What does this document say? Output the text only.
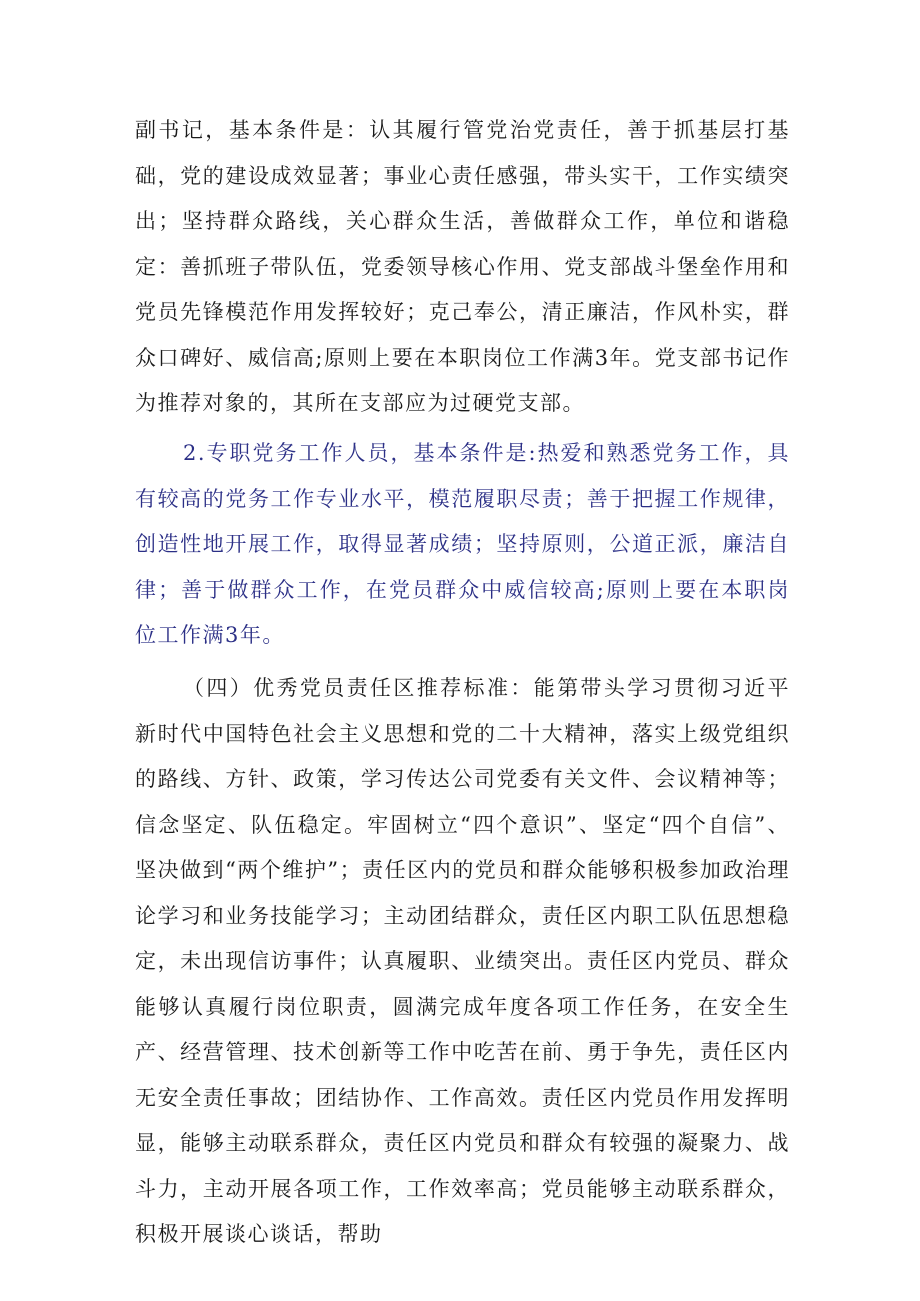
副书记，基本条件是：认其履行管党治党责任，善于抓基层打基础，党的建设成效显著；事业心责任感强，带头实干，工作实绩突出；坚持群众路线，关心群众生活，善做群众工作，单位和谐稳定：善抓班子带队伍，党委领导核心作用、党支部战斗堡垒作用和党员先锋模范作用发挥较好；克己奉公，清正廉洁，作风朴实，群众口碑好、威信高;原则上要在本职岗位工作满3年。党支部书记作为推荐对象的，其所在支部应为过硬党支部。

2.专职党务工作人员，基本条件是:热爱和熟悉党务工作，具有较高的党务工作专业水平，模范履职尽责；善于把握工作规律，创造性地开展工作，取得显著成绩；坚持原则，公道正派，廉洁自律；善于做群众工作，在党员群众中威信较高;原则上要在本职岗位工作满3年。

（四）优秀党员责任区推荐标准：能第带头学习贯彻习近平新时代中国特色社会主义思想和党的二十大精神，落实上级党组织的路线、方针、政策，学习传达公司党委有关文件、会议精神等；信念坚定、队伍稳定。牢固树立“四个意识”、坚定“四个自信”、坚决做到“两个维护”；责任区内的党员和群众能够积极参加政治理论学习和业务技能学习；主动团结群众，责任区内职工队伍思想稳定，未出现信访事件；认真履职、业绩突出。责任区内党员、群众能够认真履行岗位职责，圆满完成年度各项工作任务，在安全生产、经营管理、技术创新等工作中吃苦在前、勇于争先，责任区内无安全责任事故；团结协作、工作高效。责任区内党员作用发挥明显，能够主动联系群众，责任区内党员和群众有较强的凝聚力、战斗力，主动开展各项工作，工作效率高；党员能够主动联系群众，积极开展谈心谈话，帮助
